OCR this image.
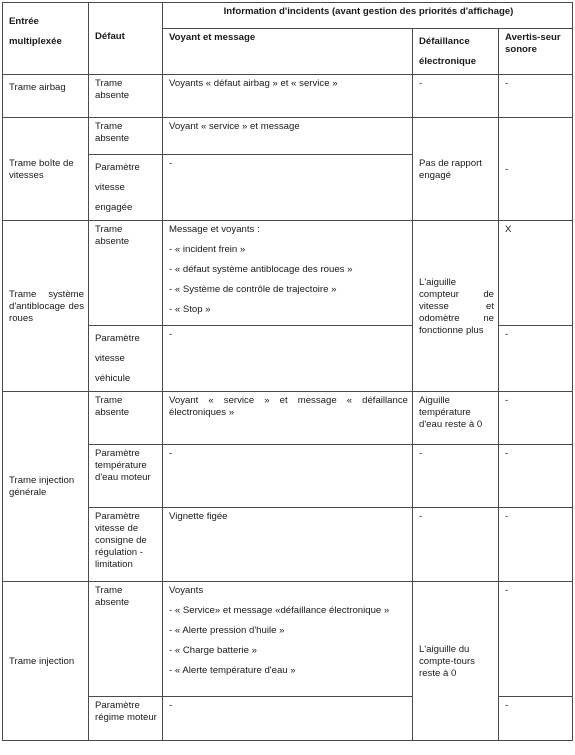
Entrée multiplexée	Défaut	Information d'incidents (avant gestion des priorités d'affichage)		
		Voyant et message	Défaillance électronique	Avertis-seur sonore
Trame airbag	Trame absente	Voyants « défaut airbag » et « service »	-	-
Trame boîte de vitesses	Trame absente	Voyant « service » et message	Pas de rapport engagé	-
	Paramètre vitesse engagée	-		
Trame système d'antiblocage des roues	Trame absente	Message et voyants :
- « incident frein »
- « défaut système antiblocage des roues »
- « Système de contrôle de trajectoire »
- « Stop »	L'aiguille compteur de vitesse et odomètre ne fonctionne plus	X
	Paramètre vitesse véhicule	-		-
Trame injection générale	Trame absente	Voyant « service » et message « défaillance électroniques »	Aiguille température d'eau reste à 0	-
	Paramètre température d'eau moteur	-	-	-
	Paramètre vitesse de consigne de régulation - limitation	Vignette figée	-	-
Trame injection	Trame absente	Voyants
- « Service» et message «défaillance électronique »
- « Alerte pression d'huile »
- « Charge batterie »
- « Alerte température d'eau »	L'aiguille du compte-tours reste à 0	-
	Paramètre régime moteur	-		-
